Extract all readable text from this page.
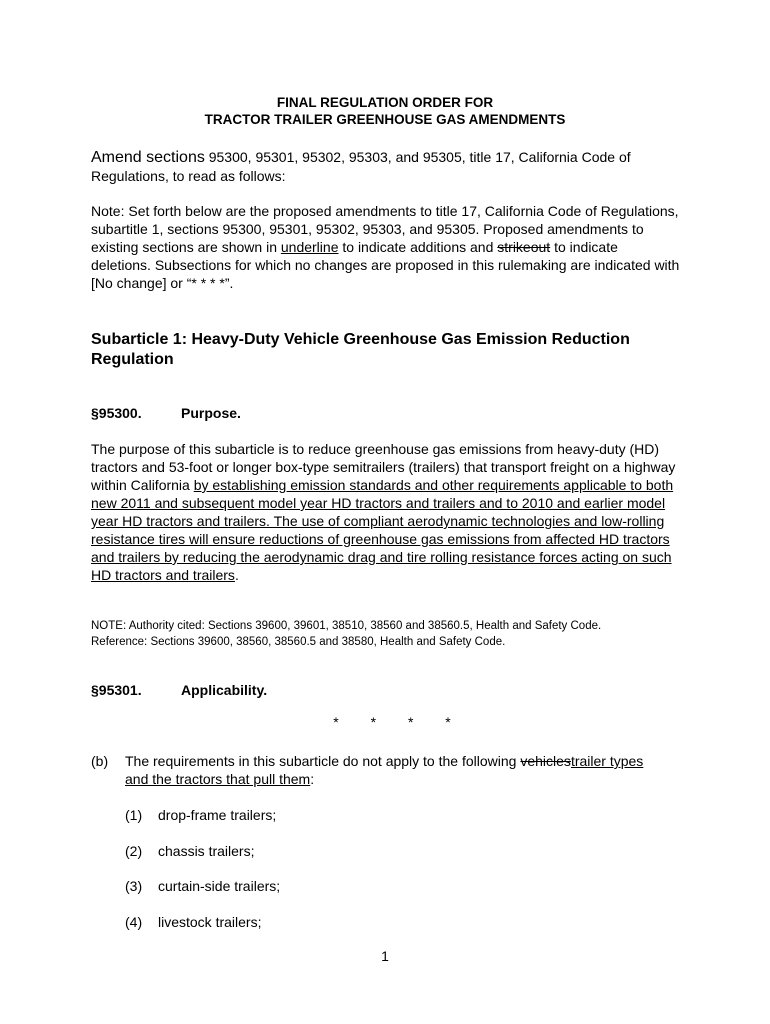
FINAL REGULATION ORDER FOR
TRACTOR TRAILER GREENHOUSE GAS AMENDMENTS
Amend sections 95300, 95301, 95302, 95303, and 95305, title 17, California Code of Regulations, to read as follows:
Note: Set forth below are the proposed amendments to title 17, California Code of Regulations, subartitle 1, sections 95300, 95301, 95302, 95303, and 95305. Proposed amendments to existing sections are shown in underline to indicate additions and strikeout to indicate deletions. Subsections for which no changes are proposed in this rulemaking are indicated with [No change] or “* * * *”.
Subarticle 1: Heavy-Duty Vehicle Greenhouse Gas Emission Reduction Regulation
§95300.	Purpose.
The purpose of this subarticle is to reduce greenhouse gas emissions from heavy-duty (HD) tractors and 53-foot or longer box-type semitrailers (trailers) that transport freight on a highway within California by establishing emission standards and other requirements applicable to both new 2011 and subsequent model year HD tractors and trailers and to 2010 and earlier model year HD tractors and trailers. The use of compliant aerodynamic technologies and low-rolling resistance tires will ensure reductions of greenhouse gas emissions from affected HD tractors and trailers by reducing the aerodynamic drag and tire rolling resistance forces acting on such HD tractors and trailers.
NOTE: Authority cited: Sections 39600, 39601, 38510, 38560 and 38560.5, Health and Safety Code.
Reference: Sections 39600, 38560, 38560.5 and 38580, Health and Safety Code.
§95301.	Applicability.
* * * *
(b) The requirements in this subarticle do not apply to the following vehiclestrailer types and the tractors that pull them:
(1) drop-frame trailers;
(2) chassis trailers;
(3) curtain-side trailers;
(4) livestock trailers;
1
